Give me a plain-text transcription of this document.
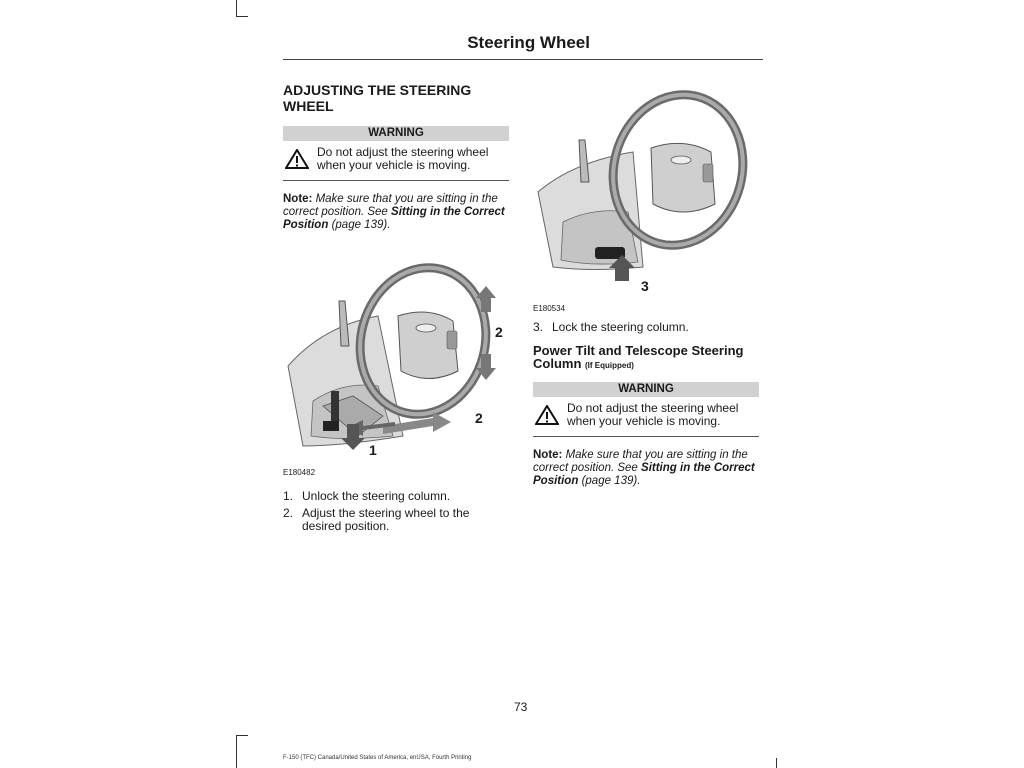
Steering Wheel
ADJUSTING THE STEERING WHEEL
WARNING
Do not adjust the steering wheel when your vehicle is moving.
Note: Make sure that you are sitting in the correct position. See Sitting in the Correct Position (page 139).
2
2
1
E180482
1. Unlock the steering column.
2. Adjust the steering wheel to the desired position.
3
E180534
3. Lock the steering column.
Power Tilt and Telescope Steering Column (If Equipped)
WARNING
Do not adjust the steering wheel when your vehicle is moving.
Note: Make sure that you are sitting in the correct position. See Sitting in the Correct Position (page 139).
73
F-150 (TFC) Canada/United States of America, enUSA, Fourth Printing
